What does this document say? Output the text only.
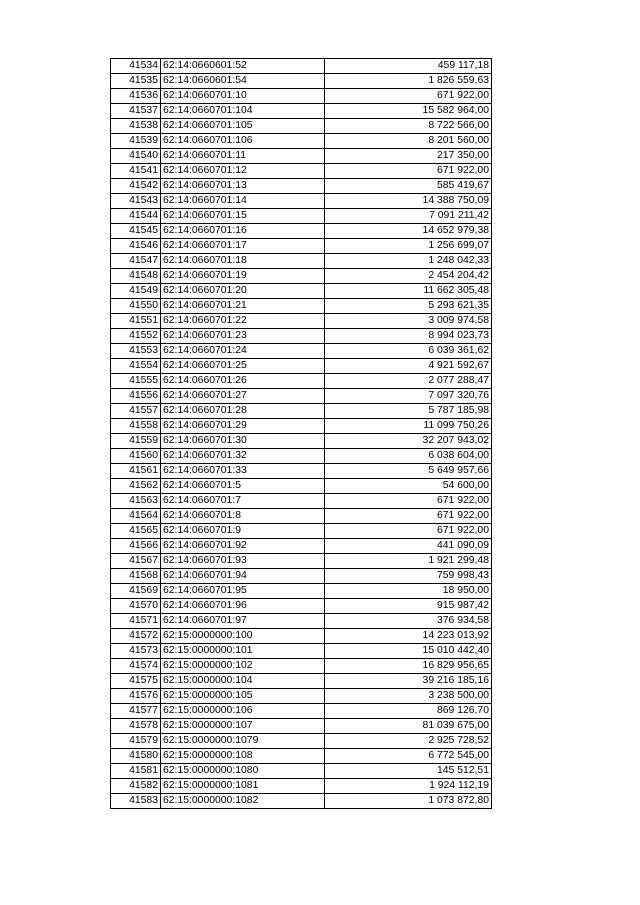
41534	62:14:0660601:52	459 117,18
41535	62:14:0660601:54	1 826 559,63
41536	62:14:0660701:10	671 922,00
41537	62:14:0660701:104	15 582 964,00
41538	62:14:0660701:105	8 722 566,00
41539	62:14:0660701:106	8 201 560,00
41540	62:14:0660701:11	217 350,00
41541	62:14:0660701:12	671 922,00
41542	62:14:0660701:13	585 419,67
41543	62:14:0660701:14	14 388 750,09
41544	62:14:0660701:15	7 091 211,42
41545	62:14:0660701:16	14 652 979,38
41546	62:14:0660701:17	1 256 699,07
41547	62:14:0660701:18	1 248 042,33
41548	62:14:0660701:19	2 454 204,42
41549	62:14:0660701:20	11 662 305,48
41550	62:14:0660701:21	5 293 621,35
41551	62:14:0660701:22	3 009 974,58
41552	62:14:0660701:23	8 994 023,73
41553	62:14:0660701:24	6 039 361,62
41554	62:14:0660701:25	4 921 592,67
41555	62:14:0660701:26	2 077 288,47
41556	62:14:0660701:27	7 097 320,76
41557	62:14:0660701:28	5 787 185,98
41558	62:14:0660701:29	11 099 750,26
41559	62:14:0660701:30	32 207 943,02
41560	62:14:0660701:32	6 038 604,00
41561	62:14:0660701:33	5 649 957,66
41562	62:14:0660701:5	54 600,00
41563	62:14:0660701:7	671 922,00
41564	62:14:0660701:8	671 922,00
41565	62:14:0660701:9	671 922,00
41566	62:14:0660701:92	441 090,09
41567	62:14:0660701:93	1 921 299,48
41568	62:14:0660701:94	759 998,43
41569	62:14:0660701:95	18 950,00
41570	62:14:0660701:96	915 987,42
41571	62:14:0660701:97	376 934,58
41572	62:15:0000000:100	14 223 013,92
41573	62:15:0000000:101	15 010 442,40
41574	62:15:0000000:102	16 829 956,65
41575	62:15:0000000:104	39 216 185,16
41576	62:15:0000000:105	3 238 500,00
41577	62:15:0000000:106	869 126,70
41578	62:15:0000000:107	81 039 675,00
41579	62:15:0000000:1079	2 925 728,52
41580	62:15:0000000:108	6 772 545,00
41581	62:15:0000000:1080	145 512,51
41582	62:15:0000000:1081	1 924 112,19
41583	62:15:0000000:1082	1 073 872,80
